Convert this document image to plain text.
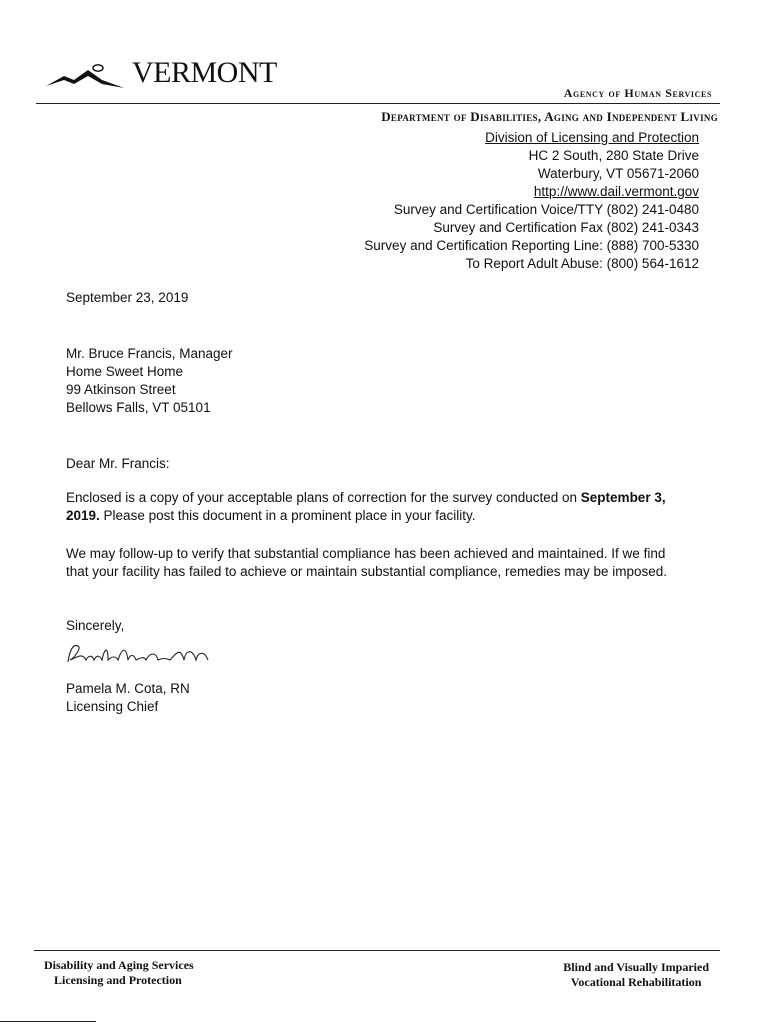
VERMONT
Agency of Human Services
Department of Disabilities, Aging and Independent Living
Division of Licensing and Protection
HC 2 South, 280 State Drive
Waterbury, VT 05671-2060
http://www.dail.vermont.gov
Survey and Certification Voice/TTY (802) 241-0480
Survey and Certification Fax (802) 241-0343
Survey and Certification Reporting Line: (888) 700-5330
To Report Adult Abuse: (800) 564-1612
September 23, 2019
Mr. Bruce Francis, Manager
Home Sweet Home
99 Atkinson Street
Bellows Falls, VT 05101
Dear Mr. Francis:
Enclosed is a copy of your acceptable plans of correction for the survey conducted on September 3, 2019. Please post this document in a prominent place in your facility.
We may follow-up to verify that substantial compliance has been achieved and maintained. If we find that your facility has failed to achieve or maintain substantial compliance, remedies may be imposed.
Sincerely,
Pamela M. Cota, RN
Licensing Chief
Disability and Aging Services
Licensing and Protection
Blind and Visually Imparied
Vocational Rehabilitation
